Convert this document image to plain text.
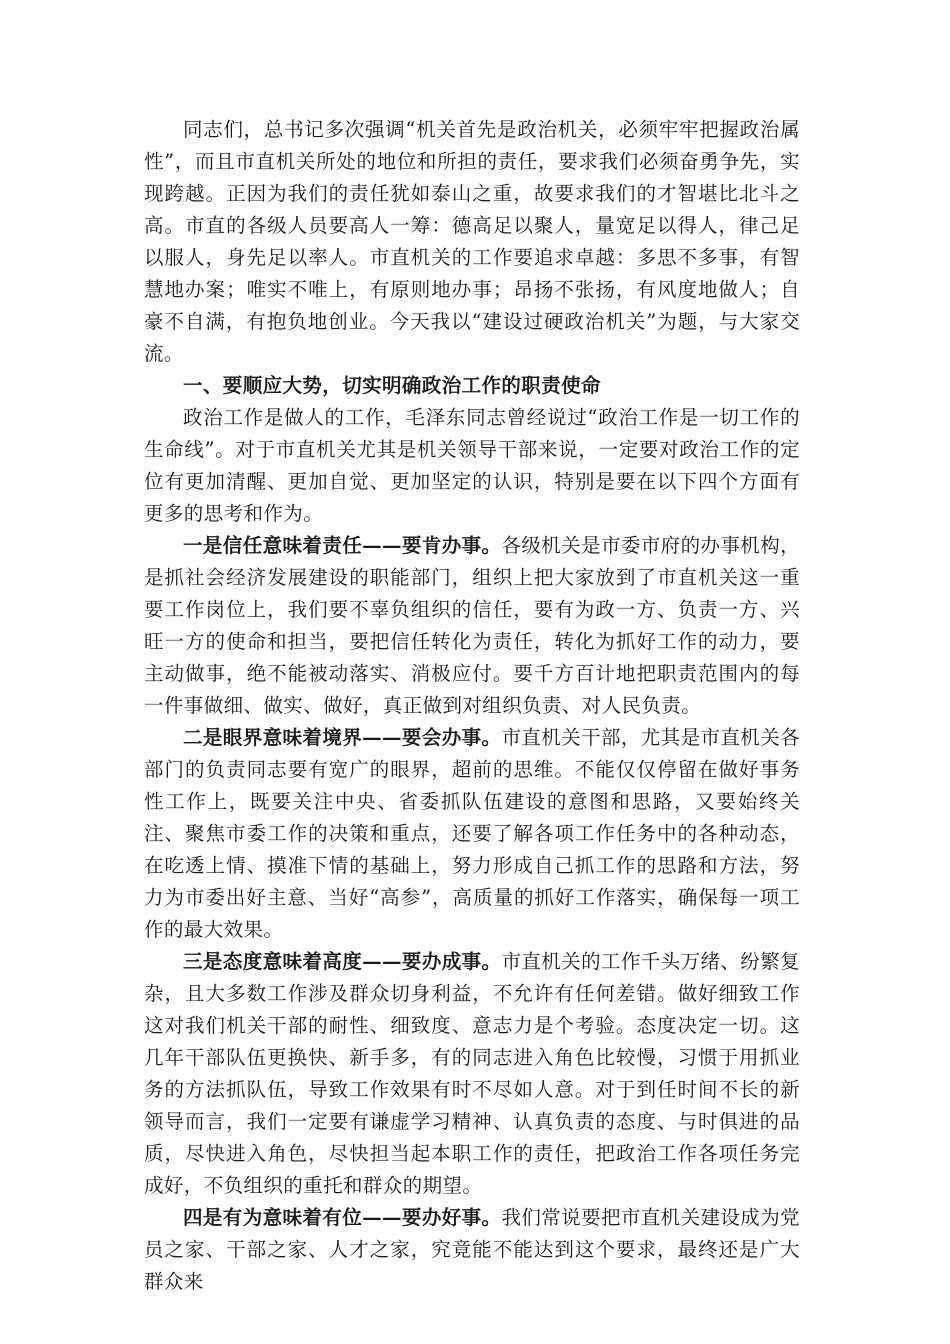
同志们，总书记多次强调“机关首先是政治机关，必须牢牢把握政治属性”，而且市直机关所处的地位和所担的责任，要求我们必须奋勇争先，实现跨越。正因为我们的责任犹如泰山之重，故要求我们的才智堪比北斗之高。市直的各级人员要高人一筹：德高足以聚人，量宽足以得人，律己足以服人，身先足以率人。市直机关的工作要追求卓越：多思不多事，有智慧地办案；唯实不唯上，有原则地办事；昂扬不张扬，有风度地做人；自豪不自满，有抱负地创业。今天我以“建设过硬政治机关”为题，与大家交流。

一、要顺应大势，切实明确政治工作的职责使命

政治工作是做人的工作，毛泽东同志曾经说过“政治工作是一切工作的生命线”。对于市直机关尤其是机关领导干部来说，一定要对政治工作的定位有更加清醒、更加自觉、更加坚定的认识，特别是要在以下四个方面有更多的思考和作为。

一是信任意味着责任——要肯办事。各级机关是市委市府的办事机构，是抓社会经济发展建设的职能部门，组织上把大家放到了市直机关这一重要工作岗位上，我们要不辜负组织的信任，要有为政一方、负责一方、兴旺一方的使命和担当，要把信任转化为责任，转化为抓好工作的动力，要主动做事，绝不能被动落实、消极应付。要千方百计地把职责范围内的每一件事做细、做实、做好，真正做到对组织负责、对人民负责。

二是眼界意味着境界——要会办事。市直机关干部，尤其是市直机关各部门的负责同志要有宽广的眼界，超前的思维。不能仅仅停留在做好事务性工作上，既要关注中央、省委抓队伍建设的意图和思路，又要始终关注、聚焦市委工作的决策和重点，还要了解各项工作任务中的各种动态，在吃透上情、摸准下情的基础上，努力形成自己抓工作的思路和方法，努力为市委出好主意、当好“高参”，高质量的抓好工作落实，确保每一项工作的最大效果。

三是态度意味着高度——要办成事。市直机关的工作千头万绪、纷繁复杂，且大多数工作涉及群众切身利益，不允许有任何差错。做好细致工作这对我们机关干部的耐性、细致度、意志力是个考验。态度决定一切。这几年干部队伍更换快、新手多，有的同志进入角色比较慢，习惯于用抓业务的方法抓队伍，导致工作效果有时不尽如人意。对于到任时间不长的新领导而言，我们一定要有谦虚学习精神、认真负责的态度、与时俱进的品质，尽快进入角色，尽快担当起本职工作的责任，把政治工作各项任务完成好，不负组织的重托和群众的期望。

四是有为意味着有位——要办好事。我们常说要把市直机关建设成为党员之家、干部之家、人才之家，究竟能不能达到这个要求，最终还是广大群众来
